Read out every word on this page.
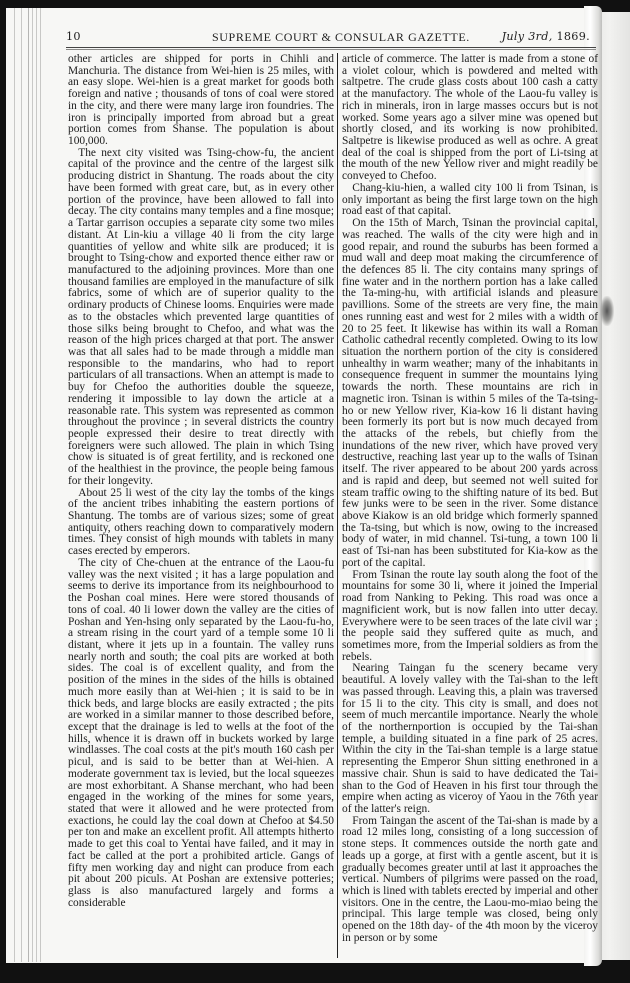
10	SUPREME COURT & CONSULAR GAZETTE.	July 3rd, 1869.

other articles are shipped for ports in Chihli and Manchuria. The distance from Wei-hien is 25 miles, with an easy slope. Wei-hien is a great market for goods both foreign and native ; thousands of tons of coal were stored in the city, and there were many large iron foundries. The iron is principally imported from abroad but a great portion comes from Shanse. The population is about 100,000.

The next city visited was Tsing-chow-fu, the ancient capital of the province and the centre of the largest silk producing district in Shantung. The roads about the city have been formed with great care, but, as in every other portion of the province, have been allowed to fall into decay. The city contains many temples and a fine mosque; a Tartar garrison occupies a separate city some two miles distant. At Lin-kiu a village 40 li from the city large quantities of yellow and white silk are produced; it is brought to Tsing-chow and exported thence either raw or manufactured to the adjoining provinces. More than one thousand families are employed in the manufacture of silk fabrics, some of which are of superior quality to the ordinary products of Chinese looms. Enquiries were made as to the obstacles which prevented large quantities of those silks being brought to Chefoo, and what was the reason of the high prices charged at that port. The answer was that all sales had to be made through a middle man responsible to the mandarins, who had to report particulars of all transactions. When an attempt is made to buy for Chefoo the authorities double the squeeze, rendering it impossible to lay down the article at a reasonable rate. This system was represented as common throughout the province ; in several districts the country people expressed their desire to treat directly with foreigners were such allowed. The plain in which Tsing chow is situated is of great fertility, and is reckoned one of the healthiest in the province, the people being famous for their longevity.

About 25 li west of the city lay the tombs of the kings of the ancient tribes inhabiting the eastern portions of Shantung. The tombs are of various sizes; some of great antiquity, others reaching down to comparatively modern times. They consist of high mounds with tablets in many cases erected by emperors.

The city of Che-chuen at the entrance of the Laou-fu valley was the next visited ; it has a large population and seems to derive its importance from its neighbourhood to the Poshan coal mines. Here were stored thousands of tons of coal. 40 li lower down the valley are the cities of Poshan and Yen-hsing only separated by the Laou-fu-ho, a stream rising in the court yard of a temple some 10 li distant, where it jets up in a fountain. The valley runs nearly north and south; the coal pits are worked at both sides. The coal is of excellent quality, and from the position of the mines in the sides of the hills is obtained much more easily than at Wei-hien ; it is said to be in thick beds, and large blocks are easily extracted ; the pits are worked in a similar manner to those described before, except that the drainage is led to wells at the foot of the hills, whence it is drawn off in buckets worked by large windlasses. The coal costs at the pit's mouth 160 cash per picul, and is said to be better than at Wei-hien. A moderate government tax is levied, but the local squeezes are most exhorbitant. A Shanse merchant, who had been engaged in the working of the mines for some years, stated that were it allowed and he were protected from exactions, he could lay the coal down at Chefoo at $4.50 per ton and make an excellent profit. All attempts hitherto made to get this coal to Yentai have failed, and it may in fact be called at the port a prohibited article. Gangs of fifty men working day and night can produce from each pit about 200 piculs. At Poshan are extensive potteries; glass is also manufactured largely and forms a considerable

article of commerce. The latter is made from a stone of a violet colour, which is powdered and melted with saltpetre. The crude glass costs about 100 cash a catty at the manufactory. The whole of the Laou-fu valley is rich in minerals, iron in large masses occurs but is not worked. Some years ago a silver mine was opened but shortly closed, and its working is now prohibited. Saltpetre is likewise produced as well as ochre. A great deal of the coal is shipped from the port of Li-tsing at the mouth of the new Yellow river and might readily be conveyed to Chefoo.

Chang-kiu-hien, a walled city 100 li from Tsinan, is only important as being the first large town on the high road east of that capital.

On the 15th of March, Tsinan the provincial capital, was reached. The walls of the city were high and in good repair, and round the suburbs has been formed a mud wall and deep moat making the circumference of the defences 85 li. The city contains many springs of fine water and in the northern portion has a lake called the Ta-ming-hu, with artificial islands and pleasure pavillions. Some of the streets are very fine, the main ones running east and west for 2 miles with a width of 20 to 25 feet. It likewise has within its wall a Roman Catholic cathedral recently completed. Owing to its low situation the northern portion of the city is considered unhealthy in warm weather; many of the inhabitants in consequence frequent in summer the mountains lying towards the north. These mountains are rich in magnetic iron. Tsinan is within 5 miles of the Ta-tsing-ho or new Yellow river, Kia-kow 16 li distant having been formerly its port but is now much decayed from the attacks of the rebels, but chiefly from the inundations of the new river, which have proved very destructive, reaching last year up to the walls of Tsinan itself. The river appeared to be about 200 yards across and is rapid and deep, but seemed not well suited for steam traffic owing to the shifting nature of its bed. But few junks were to be seen in the river. Some distance above Kiakow is an old bridge which formerly spanned the Ta-tsing, but which is now, owing to the increased body of water, in mid channel. Tsi-tung, a town 100 li east of Tsi-nan has been substituted for Kia-kow as the port of the capital.

From Tsinan the route lay south along the foot of the mountains for some 30 li, where it joined the Imperial road from Nanking to Peking. This road was once a magnificient work, but is now fallen into utter decay. Everywhere were to be seen traces of the late civil war ; the people said they suffered quite as much, and sometimes more, from the Imperial soldiers as from the rebels.

Nearing Taingan fu the scenery became very beautiful. A lovely valley with the Tai-shan to the left was passed through. Leaving this, a plain was traversed for 15 li to the city. This city is small, and does not seem of much mercantile importance. Nearly the whole of the northernportion is occupied by the Tai-shan temple, a building situated in a fine park of 25 acres. Within the city in the Tai-shan temple is a large statue representing the Emperor Shun sitting enethroned in a massive chair. Shun is said to have dedicated the Tai-shan to the God of Heaven in his first tour through the empire when acting as viceroy of Yaou in the 76th year of the latter's reign.

From Taingan the ascent of the Tai-shan is made by a road 12 miles long, consisting of a long succession of stone steps. It commences outside the north gate and leads up a gorge, at first with a gentle ascent, but it is gradually becomes greater until at last it approaches the vertical. Numbers of pilgrims were passed on the road, which is lined with tablets erected by imperial and other visitors. One in the centre, the Laou-mo-miao being the principal. This large temple was closed, being only opened on the 18th day- of the 4th moon by the viceroy in person or by some
